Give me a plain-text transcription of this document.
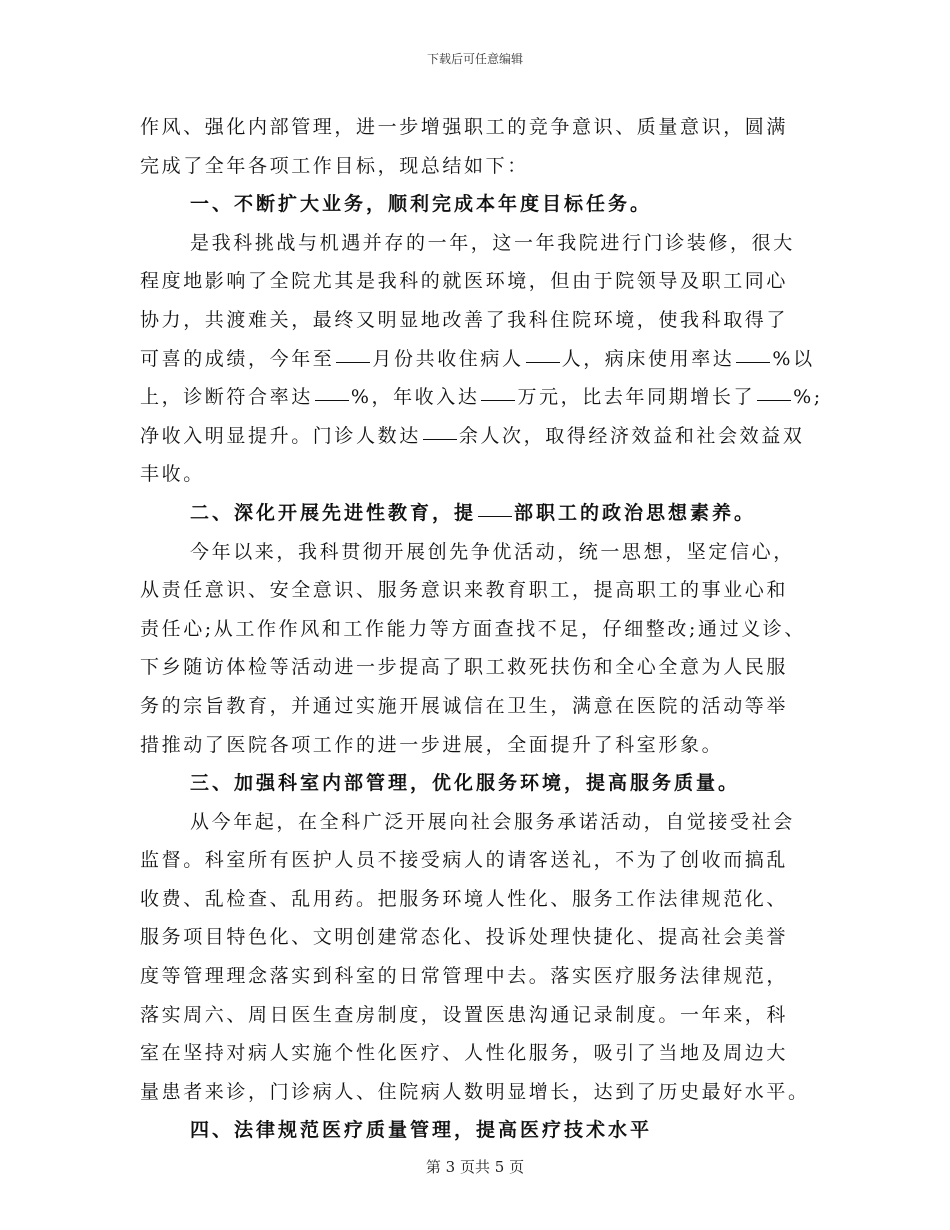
下载后可任意编辑
作风、强化内部管理，进一步增强职工的竞争意识、质量意识，圆满
完成了全年各项工作目标，现总结如下：
一、不断扩大业务，顺利完成本年度目标任务。
是我科挑战与机遇并存的一年，这一年我院进行门诊装修，很大
程度地影响了全院尤其是我科的就医环境，但由于院领导及职工同心
协力，共渡难关，最终又明显地改善了我科住院环境，使我科取得了
可喜的成绩，今年至 月份共收住病人 人，病床使用率达 %以
上，诊断符合率达 %，年收入达 万元，比去年同期增长了 %;
净收入明显提升。门诊人数达 余人次，取得经济效益和社会效益双
丰收。
二、深化开展先进性教育，提 部职工的政治思想素养。
今年以来，我科贯彻开展创先争优活动，统一思想，坚定信心，
从责任意识、安全意识、服务意识来教育职工，提高职工的事业心和
责任心;从工作作风和工作能力等方面查找不足，仔细整改;通过义诊、
下乡随访体检等活动进一步提高了职工救死扶伤和全心全意为人民服
务的宗旨教育，并通过实施开展诚信在卫生，满意在医院的活动等举
措推动了医院各项工作的进一步进展，全面提升了科室形象。
三、加强科室内部管理，优化服务环境，提高服务质量。
从今年起，在全科广泛开展向社会服务承诺活动，自觉接受社会
监督。科室所有医护人员不接受病人的请客送礼，不为了创收而搞乱
收费、乱检查、乱用药。把服务环境人性化、服务工作法律规范化、
服务项目特色化、文明创建常态化、投诉处理快捷化、提高社会美誉
度等管理理念落实到科室的日常管理中去。落实医疗服务法律规范，
落实周六、周日医生查房制度，设置医患沟通记录制度。一年来，科
室在坚持对病人实施个性化医疗、人性化服务，吸引了当地及周边大
量患者来诊，门诊病人、住院病人数明显增长，达到了历史最好水平。
四、法律规范医疗质量管理，提高医疗技术水平
第 3 页共 5 页
